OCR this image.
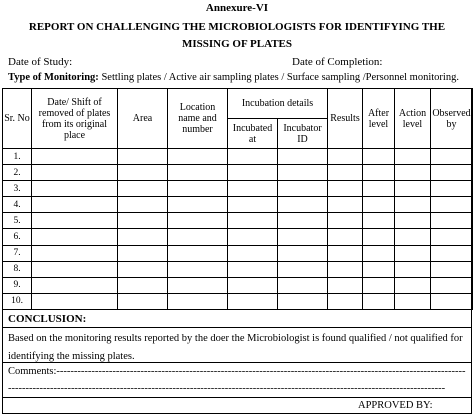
Annexure-VI
REPORT ON CHALLENGING THE MICROBIOLOGISTS FOR IDENTIFYING THE MISSING OF PLATES
Date of Study:	Date of Completion:
Type of Monitoring: Settling plates / Active air sampling plates / Surface sampling /Personnel monitoring.
Sr. No	Date/ Shift of removed of plates from its original place	Area	Location name and number	Incubation details		Results	After level	Action level	Observed by
				Incubated at	Incubator ID				
1.									
2.									
3.									
4.									
5.									
6.									
7.									
8.									
9.									
10.									
CONCLUSION:
Based on the monitoring results reported by the doer the Microbiologist is found qualified / not qualified for identifying the missing plates.
Comments:---------------------------------------------------------------------------------------------------------------------
-----------------------------------------------------------------------------------------------------------------------------
APPROVED BY:
